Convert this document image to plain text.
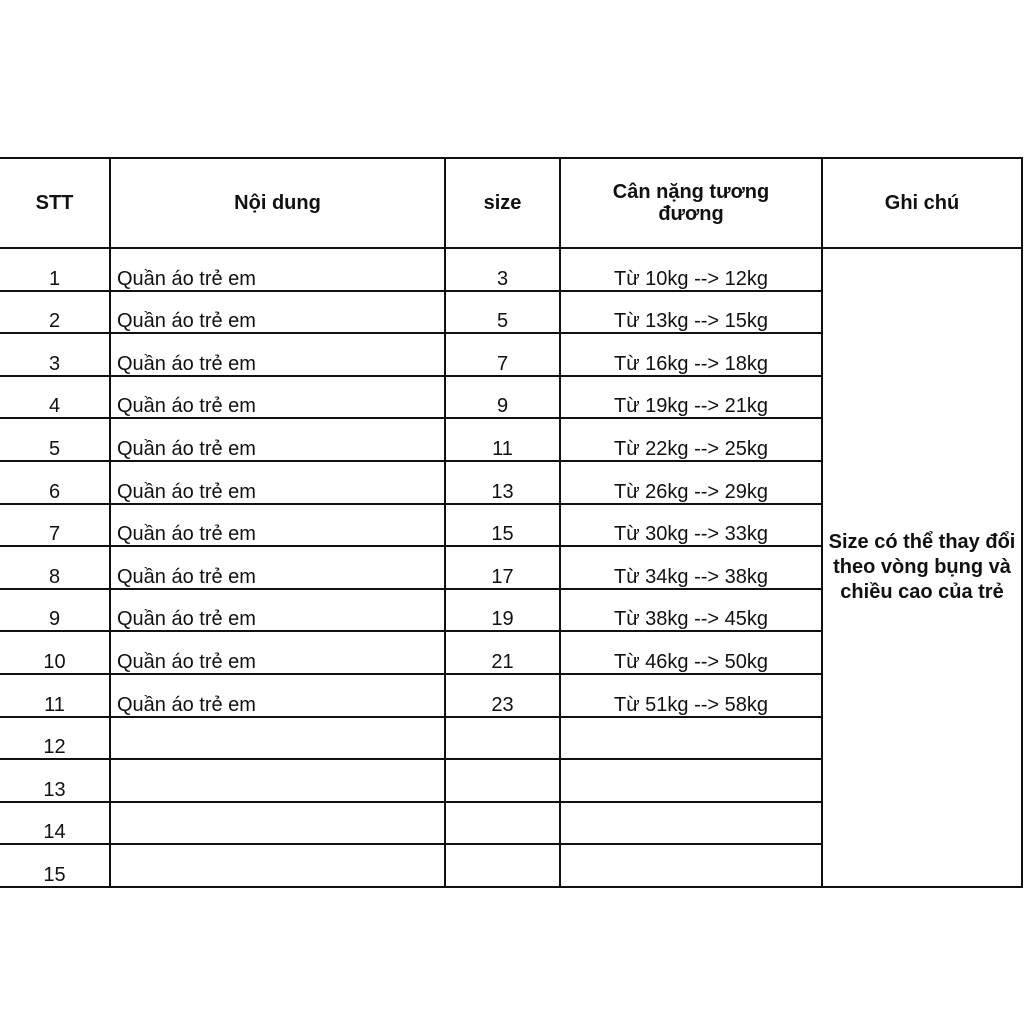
STT	Nội dung	size	Cân nặng tương đương	Ghi chú
1	Quần áo trẻ em	3	Từ 10kg --> 12kg	Size có thể thay đổi theo vòng bụng và chiều cao của trẻ
2	Quần áo trẻ em	5	Từ 13kg --> 15kg	
3	Quần áo trẻ em	7	Từ 16kg --> 18kg	
4	Quần áo trẻ em	9	Từ 19kg --> 21kg	
5	Quần áo trẻ em	11	Từ 22kg --> 25kg	
6	Quần áo trẻ em	13	Từ 26kg --> 29kg	
7	Quần áo trẻ em	15	Từ 30kg --> 33kg	
8	Quần áo trẻ em	17	Từ 34kg --> 38kg	
9	Quần áo trẻ em	19	Từ 38kg --> 45kg	
10	Quần áo trẻ em	21	Từ 46kg --> 50kg	
11	Quần áo trẻ em	23	Từ 51kg --> 58kg	
12				
13				
14				
15				
